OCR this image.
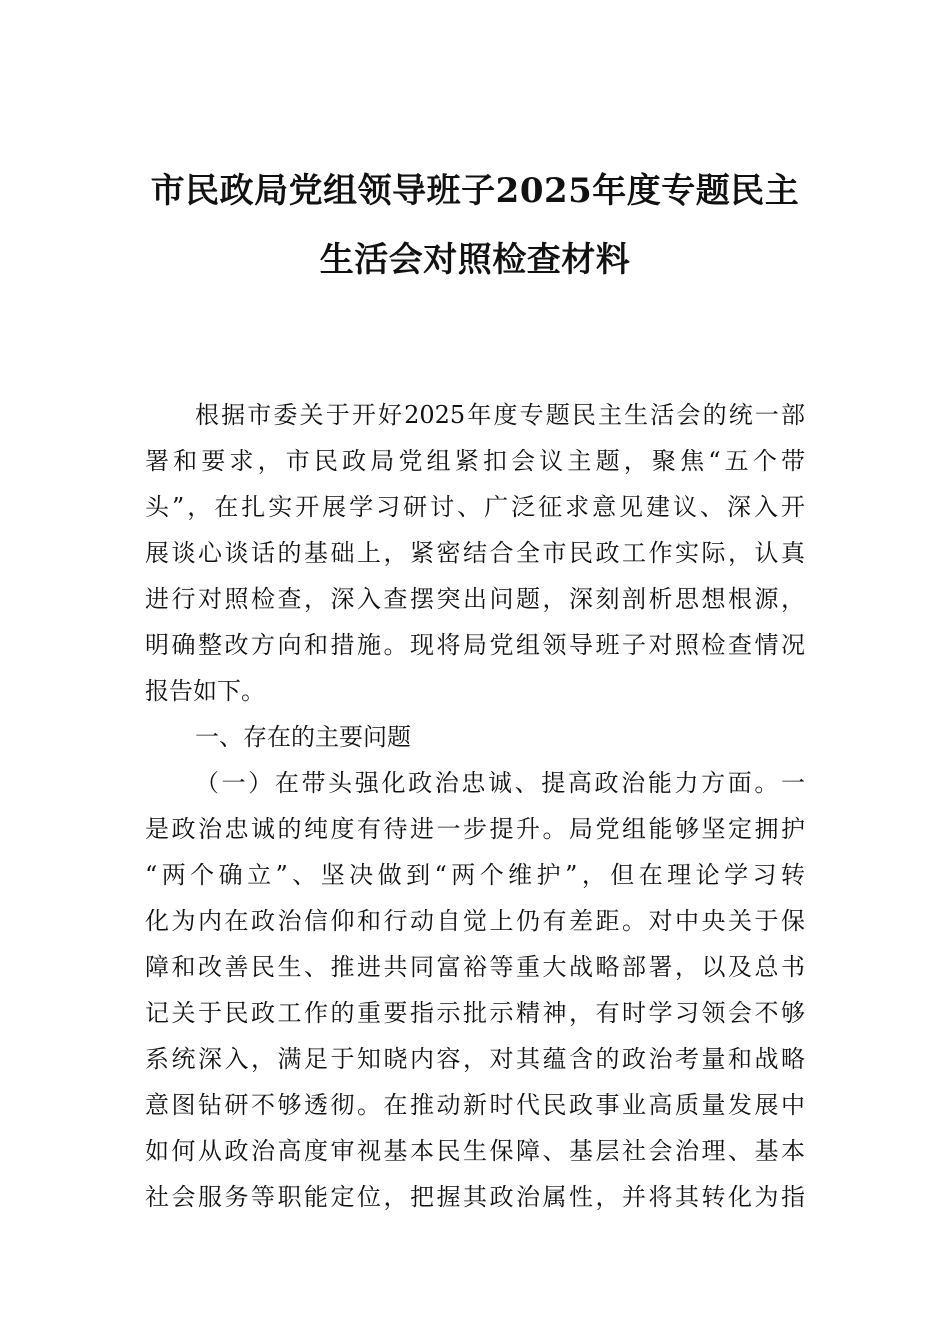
市民政局党组领导班子2025年度专题民主
生活会对照检查材料
根据市委关于开好2025年度专题民主生活会的统一部
署和要求，市民政局党组紧扣会议主题，聚焦“五个带
头”，在扎实开展学习研讨、广泛征求意见建议、深入开
展谈心谈话的基础上，紧密结合全市民政工作实际，认真
进行对照检查，深入查摆突出问题，深刻剖析思想根源，
明确整改方向和措施。现将局党组领导班子对照检查情况
报告如下。
一、存在的主要问题
（一）在带头强化政治忠诚、提高政治能力方面。一
是政治忠诚的纯度有待进一步提升。局党组能够坚定拥护
“两个确立”、坚决做到“两个维护”，但在理论学习转
化为内在政治信仰和行动自觉上仍有差距。对中央关于保
障和改善民生、推进共同富裕等重大战略部署，以及总书
记关于民政工作的重要指示批示精神，有时学习领会不够
系统深入，满足于知晓内容，对其蕴含的政治考量和战略
意图钻研不够透彻。在推动新时代民政事业高质量发展中
如何从政治高度审视基本民生保障、基层社会治理、基本
社会服务等职能定位，把握其政治属性，并将其转化为指
